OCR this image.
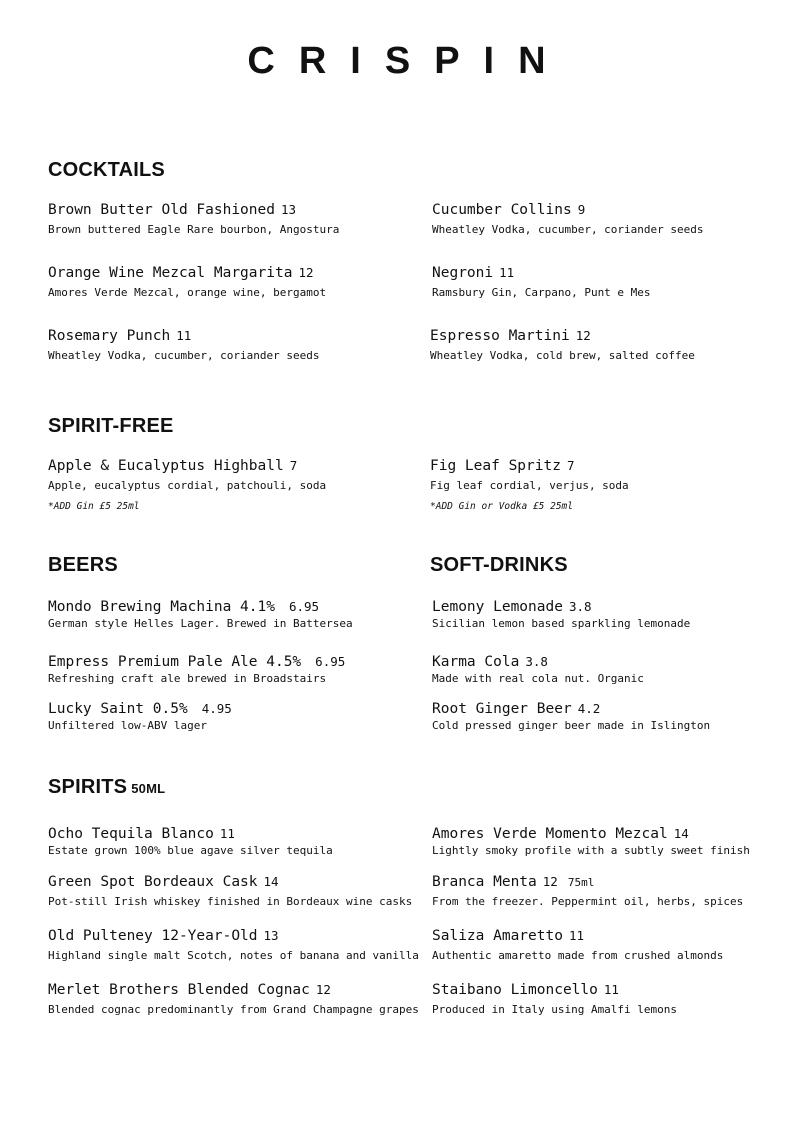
CRISPIN
COCKTAILS
Brown Butter Old Fashioned 13
Brown buttered Eagle Rare bourbon, Angostura
Cucumber Collins 9
Wheatley Vodka, cucumber, coriander seeds
Orange Wine Mezcal Margarita 12
Amores Verde Mezcal, orange wine, bergamot
Negroni 11
Ramsbury Gin, Carpano, Punt e Mes
Rosemary Punch 11
Wheatley Vodka, cucumber, coriander seeds
Espresso Martini 12
Wheatley Vodka, cold brew, salted coffee
SPIRIT-FREE
Apple & Eucalyptus Highball 7
Apple, eucalyptus cordial, patchouli, soda
*ADD Gin £5 25ml
Fig Leaf Spritz 7
Fig leaf cordial, verjus, soda
*ADD Gin or Vodka £5 25ml
BEERS
Mondo Brewing Machina 4.1% 6.95
German style Helles Lager. Brewed in Battersea
Empress Premium Pale Ale 4.5% 6.95
Refreshing craft ale brewed in Broadstairs
Lucky Saint 0.5% 4.95
Unfiltered low-ABV lager
SOFT-DRINKS
Lemony Lemonade 3.8
Sicilian lemon based sparkling lemonade
Karma Cola 3.8
Made with real cola nut. Organic
Root Ginger Beer 4.2
Cold pressed ginger beer made in Islington
SPIRITS 50ML
Ocho Tequila Blanco 11
Estate grown 100% blue agave silver tequila
Amores Verde Momento Mezcal 14
Lightly smoky profile with a subtly sweet finish
Green Spot Bordeaux Cask 14
Pot-still Irish whiskey finished in Bordeaux wine casks
Branca Menta 12 75ml
From the freezer. Peppermint oil, herbs, spices
Old Pulteney 12-Year-Old 13
Highland single malt Scotch, notes of banana and vanilla
Saliza Amaretto 11
Authentic amaretto made from crushed almonds
Merlet Brothers Blended Cognac 12
Blended cognac predominantly from Grand Champagne grapes
Staibano Limoncello 11
Produced in Italy using Amalfi lemons
